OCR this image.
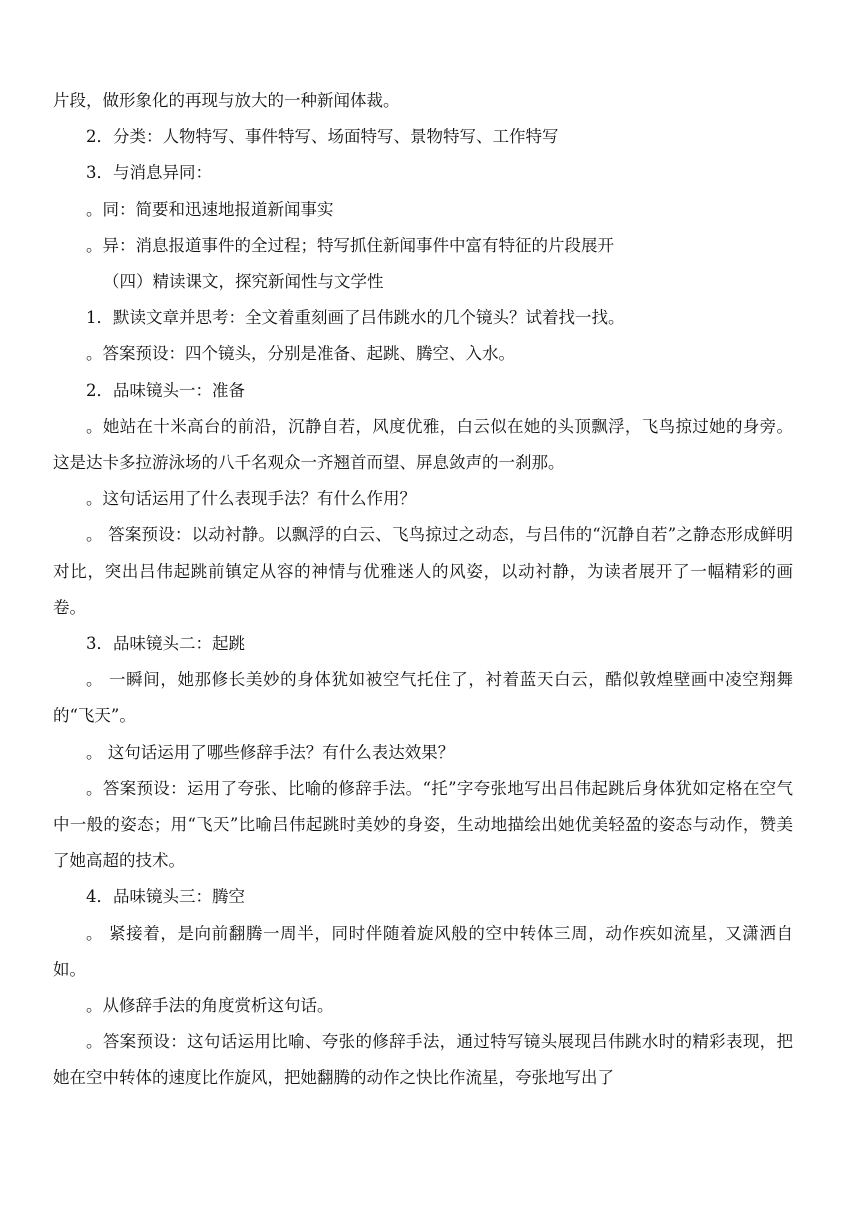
片段，做形象化的再现与放大的一种新闻体裁。

2．分类：人物特写、事件特写、场面特写、景物特写、工作特写

3．与消息异同：

。同：简要和迅速地报道新闻事实

。异：消息报道事件的全过程；特写抓住新闻事件中富有特征的片段展开

（四）精读课文，探究新闻性与文学性

1．默读文章并思考：全文着重刻画了吕伟跳水的几个镜头？试着找一找。

。答案预设：四个镜头，分别是准备、起跳、腾空、入水。

2．品味镜头一：准备

。她站在十米高台的前沿，沉静自若，风度优雅，白云似在她的头顶飘浮，飞鸟掠过她的身旁。这是达卡多拉游泳场的八千名观众一齐翘首而望、屏息敛声的一刹那。

。这句话运用了什么表现手法？有什么作用？

。 答案预设：以动衬静。以飘浮的白云、飞鸟掠过之动态，与吕伟的“沉静自若”之静态形成鲜明对比，突出吕伟起跳前镇定从容的神情与优雅迷人的风姿，以动衬静，为读者展开了一幅精彩的画卷。

3．品味镜头二：起跳

。 一瞬间，她那修长美妙的身体犹如被空气托住了，衬着蓝天白云，酷似敦煌壁画中凌空翔舞的“飞天”。

。 这句话运用了哪些修辞手法？有什么表达效果？

。答案预设：运用了夸张、比喻的修辞手法。“托”字夸张地写出吕伟起跳后身体犹如定格在空气中一般的姿态；用“飞天”比喻吕伟起跳时美妙的身姿，生动地描绘出她优美轻盈的姿态与动作，赞美了她高超的技术。

4．品味镜头三：腾空

。 紧接着，是向前翻腾一周半，同时伴随着旋风般的空中转体三周，动作疾如流星，又潇洒自如。

。从修辞手法的角度赏析这句话。

。答案预设：这句话运用比喻、夸张的修辞手法，通过特写镜头展现吕伟跳水时的精彩表现，把她在空中转体的速度比作旋风，把她翻腾的动作之快比作流星，夸张地写出了
